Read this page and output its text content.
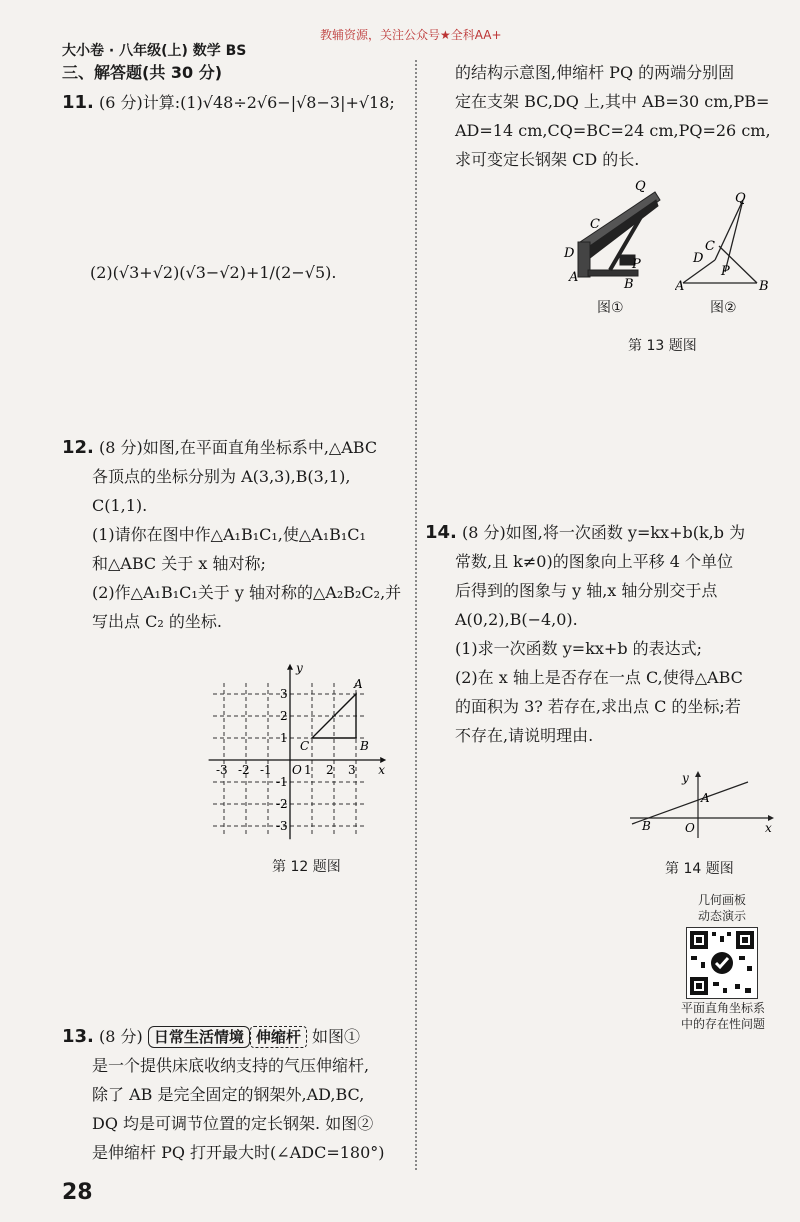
教辅资源，关注公众号★全科AA+
大小卷 · 八年级(上) 数学 BS
三、解答题(共 30 分)
11. (6 分)计算:(1)√48÷2√6−|√8−3|+√18;
(2)(√3+√2)(√3−√2)+1/(2−√5).
12. (8 分)如图,在平面直角坐标系中,△ABC
各顶点的坐标分别为 A(3,3),B(3,1),
C(1,1).
(1)请你在图中作△A₁B₁C₁,使△A₁B₁C₁
和△ABC 关于 x 轴对称;
(2)作△A₁B₁C₁关于 y 轴对称的△A₂B₂C₂,并
写出点 C₂ 的坐标.
x
y
-3 -2 -1 O 1 2 3
3
2
1
-1
-2
-3
A
B
C
第 12 题图
13. (8 分) 日常生活情境 伸缩杆 如图①
是一个提供床底收纳支持的气压伸缩杆,
除了 AB 是完全固定的钢架外,AD,BC,
DQ 均是可调节位置的定长钢架. 如图②
是伸缩杆 PQ 打开最大时(∠ADC=180°)
28
的结构示意图,伸缩杆 PQ 的两端分别固
定在支架 BC,DQ 上,其中 AB=30 cm,PB=
AD=14 cm,CQ=BC=24 cm,PQ=26 cm,
求可变定长钢架 CD 的长.
Q
C
D
A
P
B
Q
C
D
A
P
B
图①	图②
第 13 题图
14. (8 分)如图,将一次函数 y=kx+b(k,b 为
常数,且 k≠0)的图象向上平移 4 个单位
后得到的图象与 y 轴,x 轴分别交于点
A(0,2),B(−4,0).
(1)求一次函数 y=kx+b 的表达式;
(2)在 x 轴上是否存在一点 C,使得△ABC
的面积为 3? 若存在,求出点 C 的坐标;若
不存在,请说明理由.
y
x
A
B	O
第 14 题图
几何画板
动态演示
平面直角坐标系
中的存在性问题
